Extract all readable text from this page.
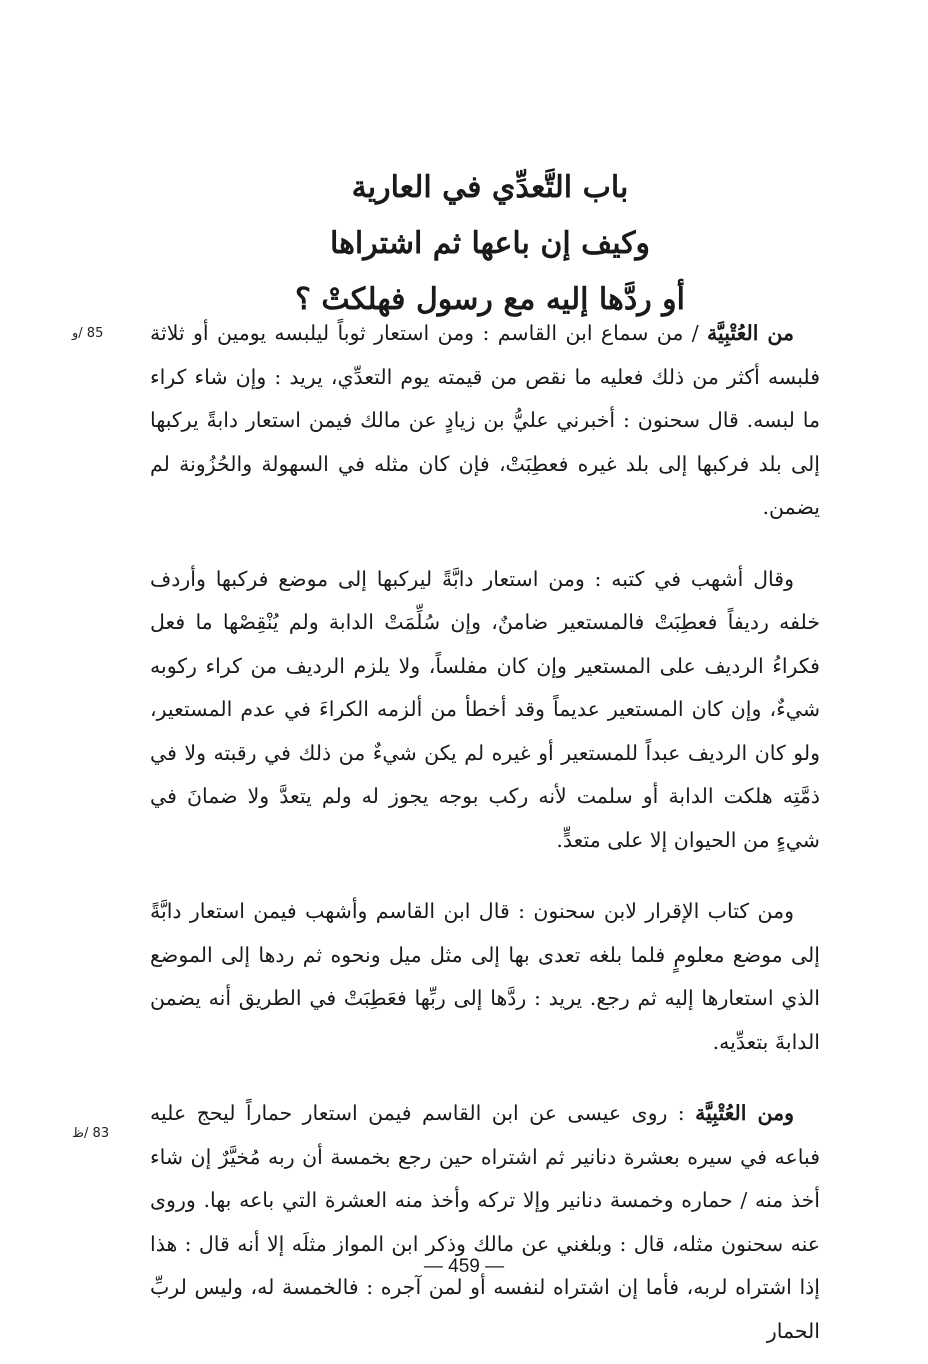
باب التَّعدِّي في العارية
وكيف إن باعها ثم اشتراها
أو ردَّها إليه مع رسول فهلكتْ ؟
85 /و
83 /ظ

من العُتْبِيَّة / من سماع ابن القاسم : ومن استعار ثوباً ليلبسه يومين أو ثلاثة فلبسه أكثر من ذلك فعليه ما نقص من قيمته يوم التعدِّي، يريد : وإن شاء كراء ما لبسه. قال سحنون : أخبرني عليُّ بن زيادٍ عن مالك فيمن استعار دابةً يركبها إلى بلد فركبها إلى بلد غيره فعطِبَتْ، فإن كان مثله في السهولة والحُزُونة لم يضمن.

وقال أشهب في كتبه : ومن استعار دابَّةً ليركبها إلى موضع فركبها وأردف خلفه رديفاً فعطِبَتْ فالمستعير ضامنٌ، وإن سُلِّمَتْ الدابة ولم يُنْقِصْها ما فعل فكراءُ الرديف على المستعير وإن كان مفلساً، ولا يلزم الرديف من كراء ركوبه شيءٌ، وإن كان المستعير عديماً وقد أخطأ من ألزمه الكراءَ في عدم المستعير، ولو كان الرديف عبداً للمستعير أو غيره لم يكن شيءٌ من ذلك في رقبته ولا في ذمَّتِه هلكت الدابة أو سلمت لأنه ركب بوجه يجوز له ولم يتعدَّ ولا ضمانَ في شيءٍ من الحيوان إلا على متعدٍّ.

ومن كتاب الإقرار لابن سحنون : قال ابن القاسم وأشهب فيمن استعار دابَّةً إلى موضع معلومٍ فلما بلغه تعدى بها إلى مثل ميل ونحوه ثم ردها إلى الموضع الذي استعارها إليه ثم رجع. يريد : ردَّها إلى ربِّها فعَطِبَتْ في الطريق أنه يضمن الدابةَ بتعدِّيه.

ومن العُتْبِيَّة : روى عيسى عن ابن القاسم فيمن استعار حماراً ليحج عليه فباعه في سيره بعشرة دنانير ثم اشتراه حين رجع بخمسة أن ربه مُخيَّرٌ إن شاء أخذ منه / حماره وخمسة دنانير وإلا تركه وأخذ منه العشرة التي باعه بها. وروى عنه سحنون مثله، قال : وبلغني عن مالك وذكر ابن المواز مثلَه إلا أنه قال : هذا إذا اشتراه لربه، فأما إن اشتراه لنفسه أو لمن آجره : فالخمسة له، وليس لربِّ الحمار

— 459 —
